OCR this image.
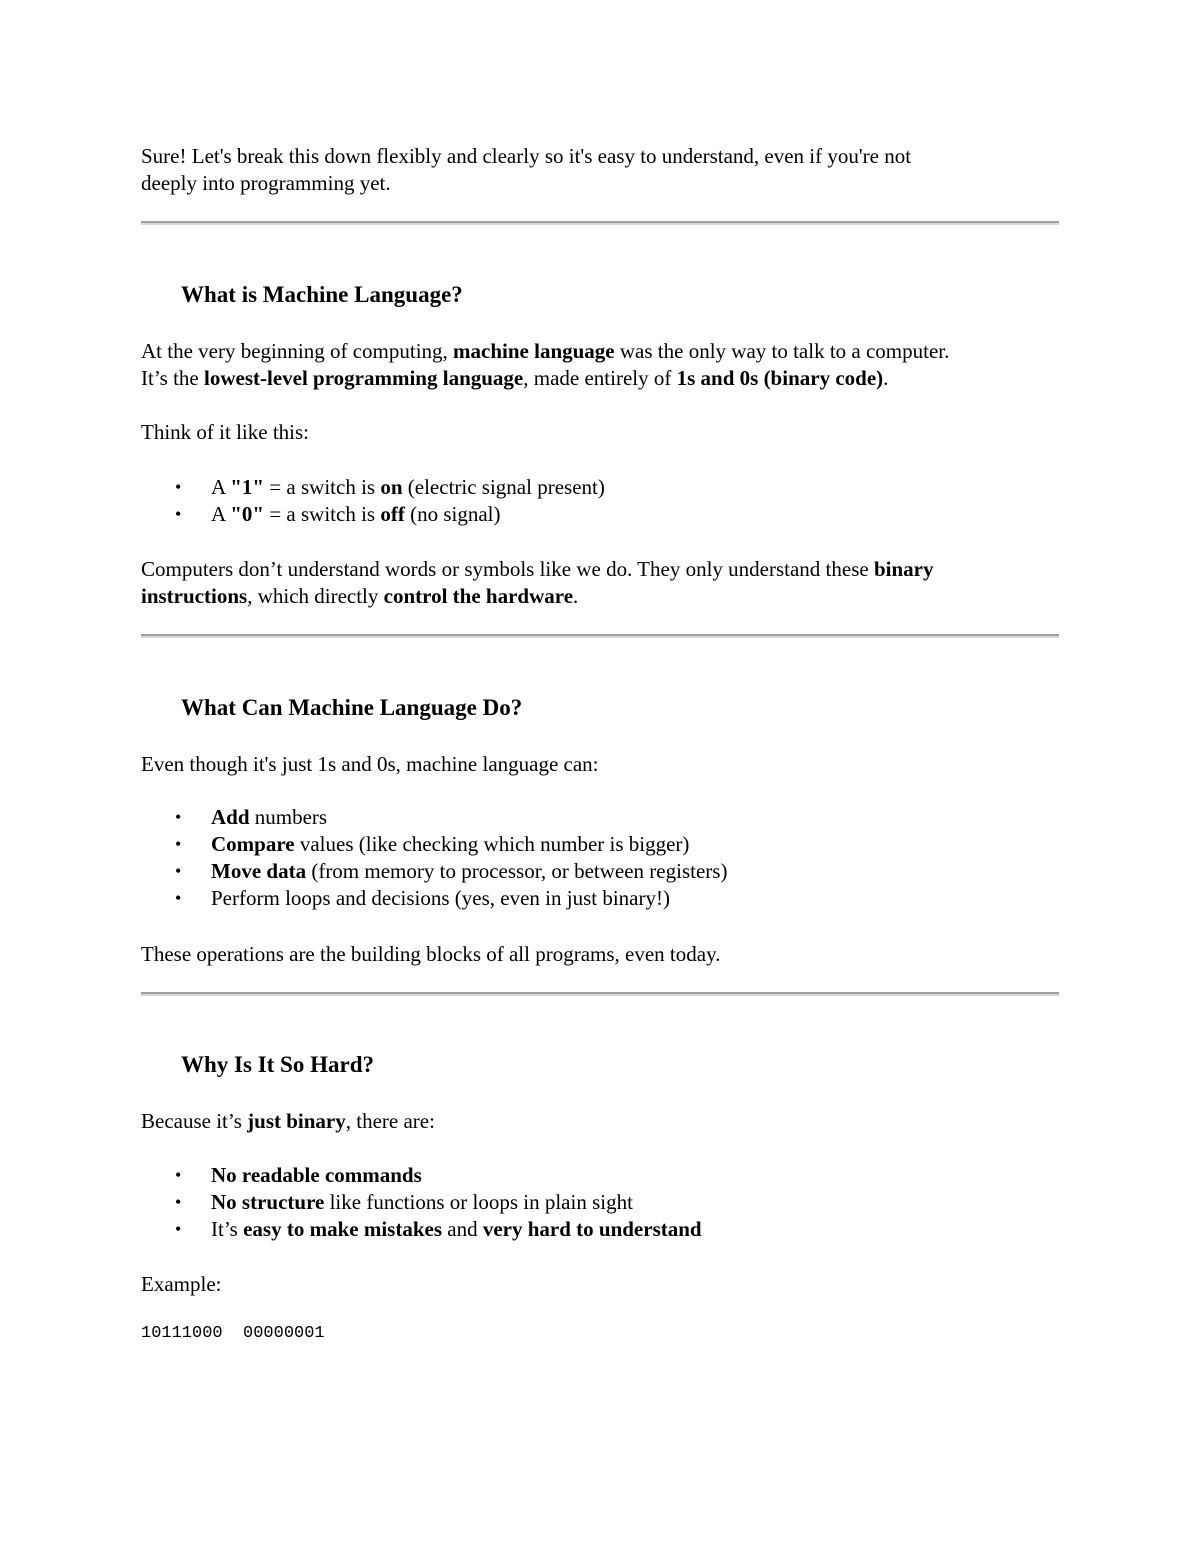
Sure! Let's break this down flexibly and clearly so it's easy to understand, even if you're not
deeply into programming yet.

What is Machine Language?

At the very beginning of computing, machine language was the only way to talk to a computer.
It’s the lowest-level programming language, made entirely of 1s and 0s (binary code).

Think of it like this:

• A "1" = a switch is on (electric signal present)
• A "0" = a switch is off (no signal)

Computers don’t understand words or symbols like we do. They only understand these binary
instructions, which directly control the hardware.

What Can Machine Language Do?

Even though it's just 1s and 0s, machine language can:

• Add numbers
• Compare values (like checking which number is bigger)
• Move data (from memory to processor, or between registers)
• Perform loops and decisions (yes, even in just binary!)

These operations are the building blocks of all programs, even today.

Why Is It So Hard?

Because it’s just binary, there are:

• No readable commands
• No structure like functions or loops in plain sight
• It’s easy to make mistakes and very hard to understand

Example:

10111000  00000001
